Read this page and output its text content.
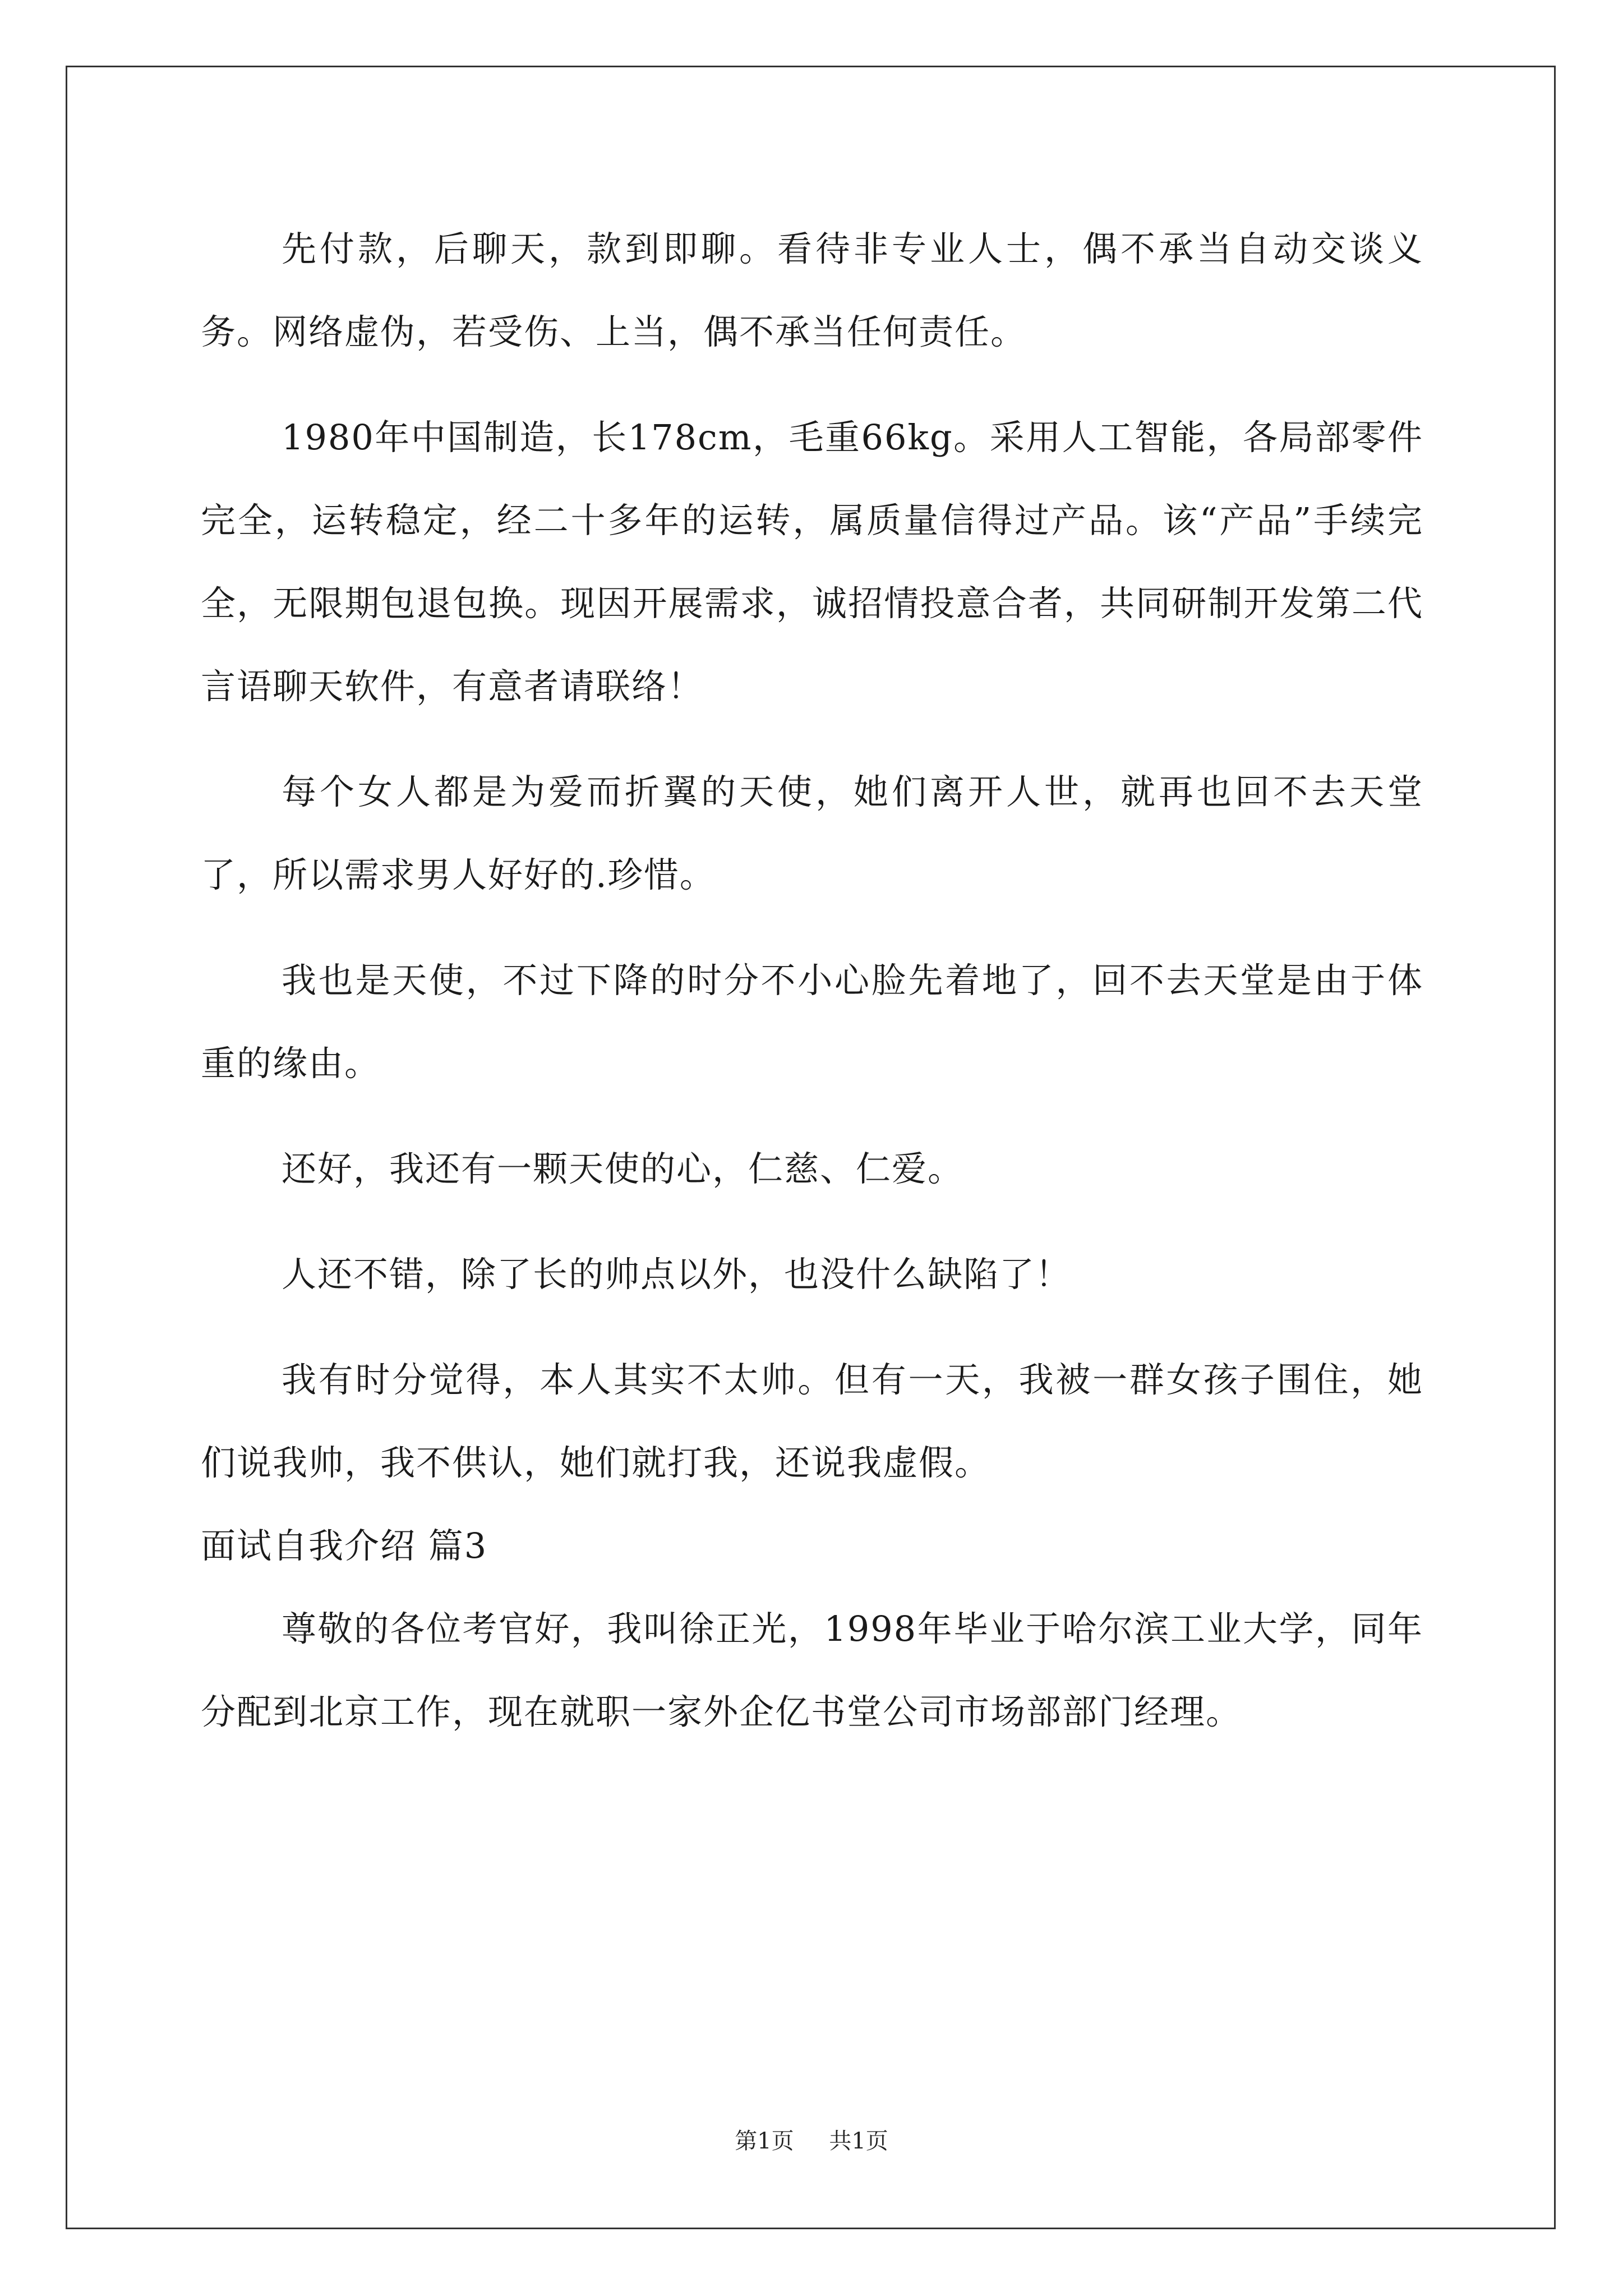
先付款，后聊天，款到即聊。看待非专业人士，偶不承当自动交谈义务。网络虚伪，若受伤、上当，偶不承当任何责任。

1980年中国制造，长178cm，毛重66kg。采用人工智能，各局部零件完全，运转稳定，经二十多年的运转，属质量信得过产品。该“产品”手续完全，无限期包退包换。现因开展需求，诚招情投意合者，共同研制开发第二代言语聊天软件，有意者请联络！

每个女人都是为爱而折翼的天使，她们离开人世，就再也回不去天堂了，所以需求男人好好的.珍惜。

我也是天使，不过下降的时分不小心脸先着地了，回不去天堂是由于体重的缘由。

还好，我还有一颗天使的心，仁慈、仁爱。

人还不错，除了长的帅点以外，也没什么缺陷了！

我有时分觉得，本人其实不太帅。但有一天，我被一群女孩子围住，她们说我帅，我不供认，她们就打我，还说我虚假。

面试自我介绍 篇3

尊敬的各位考官好，我叫徐正光，1998年毕业于哈尔滨工业大学，同年分配到北京工作，现在就职一家外企亿书堂公司市场部部门经理。

第1页 共1页
